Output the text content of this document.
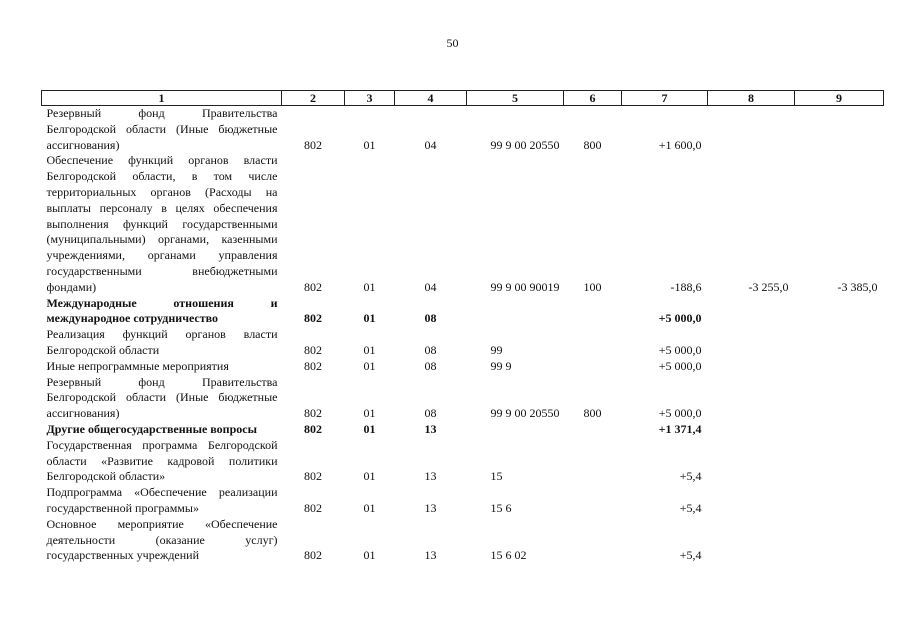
50
1	2	3	4	5	6	7	8	9
Резервный фонд Правительства Белгородской области (Иные бюджетные ассигнования)	802	01	04	99 9 00 20550	800	+1 600,0		
Обеспечение функций органов власти Белгородской области, в том числе территориальных органов (Расходы на выплаты персоналу в целях обеспечения выполнения функций государственными (муниципальными) органами, казенными учреждениями, органами управления государственными внебюджетными фондами)	802	01	04	99 9 00 90019	100	-188,6	-3 255,0	-3 385,0
Международные отношения и международное сотрудничество	802	01	08			+5 000,0		
Реализация функций органов власти Белгородской области	802	01	08	99		+5 000,0		
Иные непрограммные мероприятия	802	01	08	99 9		+5 000,0		
Резервный фонд Правительства Белгородской области (Иные бюджетные ассигнования)	802	01	08	99 9 00 20550	800	+5 000,0		
Другие общегосударственные вопросы	802	01	13			+1 371,4		
Государственная программа Белгородской области «Развитие кадровой политики Белгородской области»	802	01	13	15		+5,4		
Подпрограмма «Обеспечение реализации государственной программы»	802	01	13	15 6		+5,4		
Основное мероприятие «Обеспечение деятельности (оказание услуг) государственных учреждений	802	01	13	15 6 02		+5,4		
